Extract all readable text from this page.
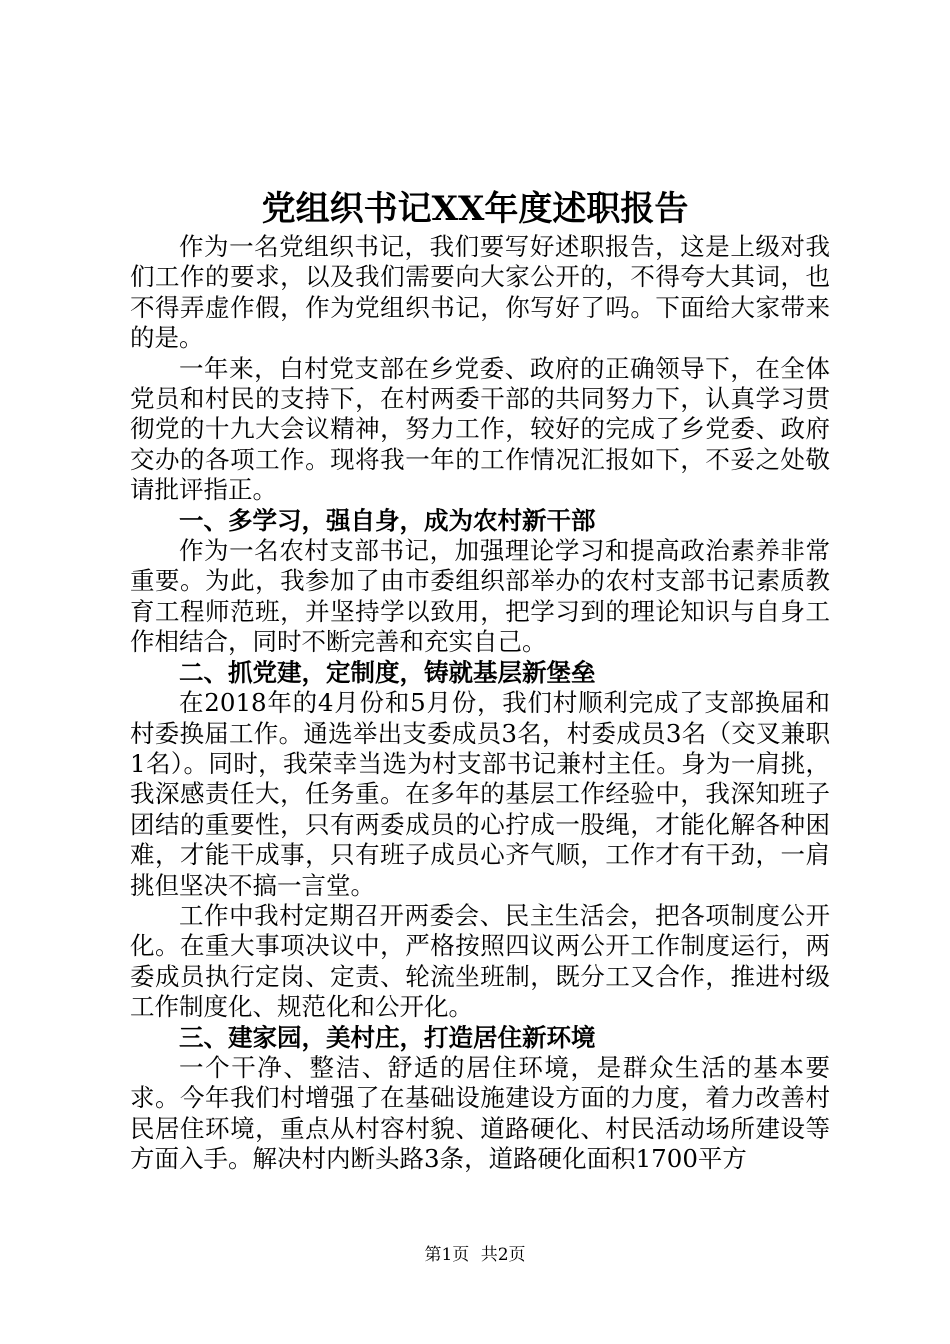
党组织书记XX年度述职报告

作为一名党组织书记，我们要写好述职报告，这是上级对我们工作的要求，以及我们需要向大家公开的，不得夸大其词，也不得弄虚作假，作为党组织书记，你写好了吗。下面给大家带来的是。

一年来，白村党支部在乡党委、政府的正确领导下，在全体党员和村民的支持下，在村两委干部的共同努力下，认真学习贯彻党的十九大会议精神，努力工作，较好的完成了乡党委、政府交办的各项工作。现将我一年的工作情况汇报如下，不妥之处敬请批评指正。

一、多学习，强自身，成为农村新干部

作为一名农村支部书记，加强理论学习和提高政治素养非常重要。为此，我参加了由市委组织部举办的农村支部书记素质教育工程师范班，并坚持学以致用，把学习到的理论知识与自身工作相结合，同时不断完善和充实自己。

二、抓党建，定制度，铸就基层新堡垒

在2018年的4月份和5月份，我们村顺利完成了支部换届和村委换届工作。通选举出支委成员3名，村委成员3名（交叉兼职1名）。同时，我荣幸当选为村支部书记兼村主任。身为一肩挑，我深感责任大，任务重。在多年的基层工作经验中，我深知班子团结的重要性，只有两委成员的心拧成一股绳，才能化解各种困难，才能干成事，只有班子成员心齐气顺，工作才有干劲，一肩挑但坚决不搞一言堂。

工作中我村定期召开两委会、民主生活会，把各项制度公开化。在重大事项决议中，严格按照四议两公开工作制度运行，两委成员执行定岗、定责、轮流坐班制，既分工又合作，推进村级工作制度化、规范化和公开化。

三、建家园，美村庄，打造居住新环境

一个干净、整洁、舒适的居住环境，是群众生活的基本要求。今年我们村增强了在基础设施建设方面的力度，着力改善村民居住环境，重点从村容村貌、道路硬化、村民活动场所建设等方面入手。解决村内断头路3条，道路硬化面积1700平方

第1页 共2页
